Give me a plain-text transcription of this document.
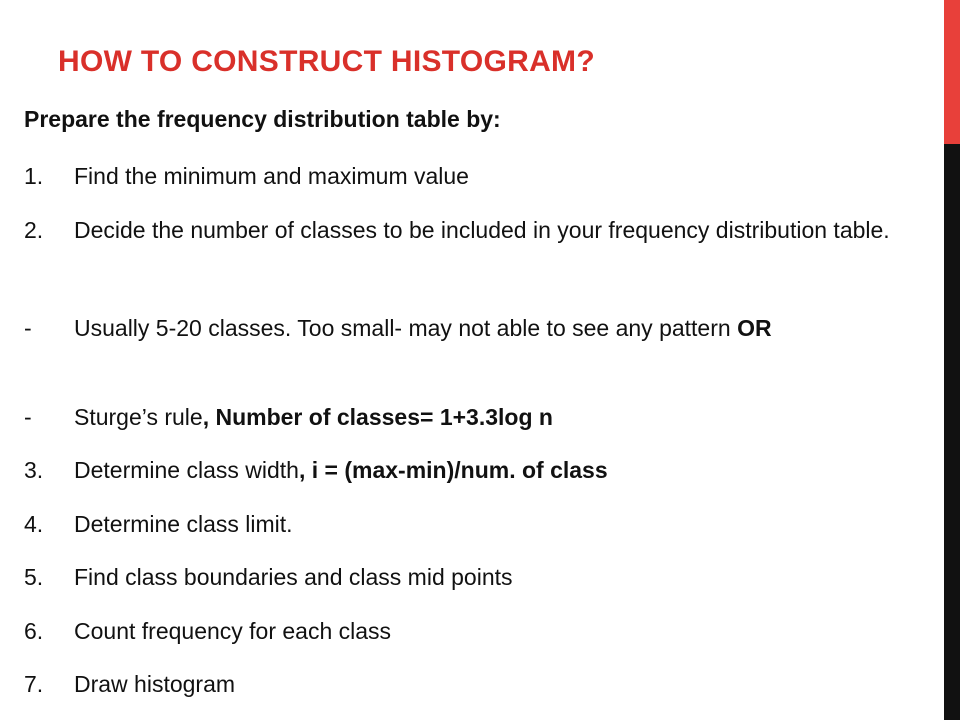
HOW TO CONSTRUCT HISTOGRAM?

Prepare the frequency distribution table by:

1.	Find the minimum and maximum value
2.	Decide the number of classes to be included in your frequency distribution table.
-	Usually 5-20 classes. Too small- may not able to see any pattern OR
-	Sturge’s rule, Number of classes= 1+3.3log n
3.	Determine class width, i = (max-min)/num. of class
4.	Determine class limit.
5.	Find class boundaries and class mid points
6.	Count frequency for each class
7.	Draw histogram
